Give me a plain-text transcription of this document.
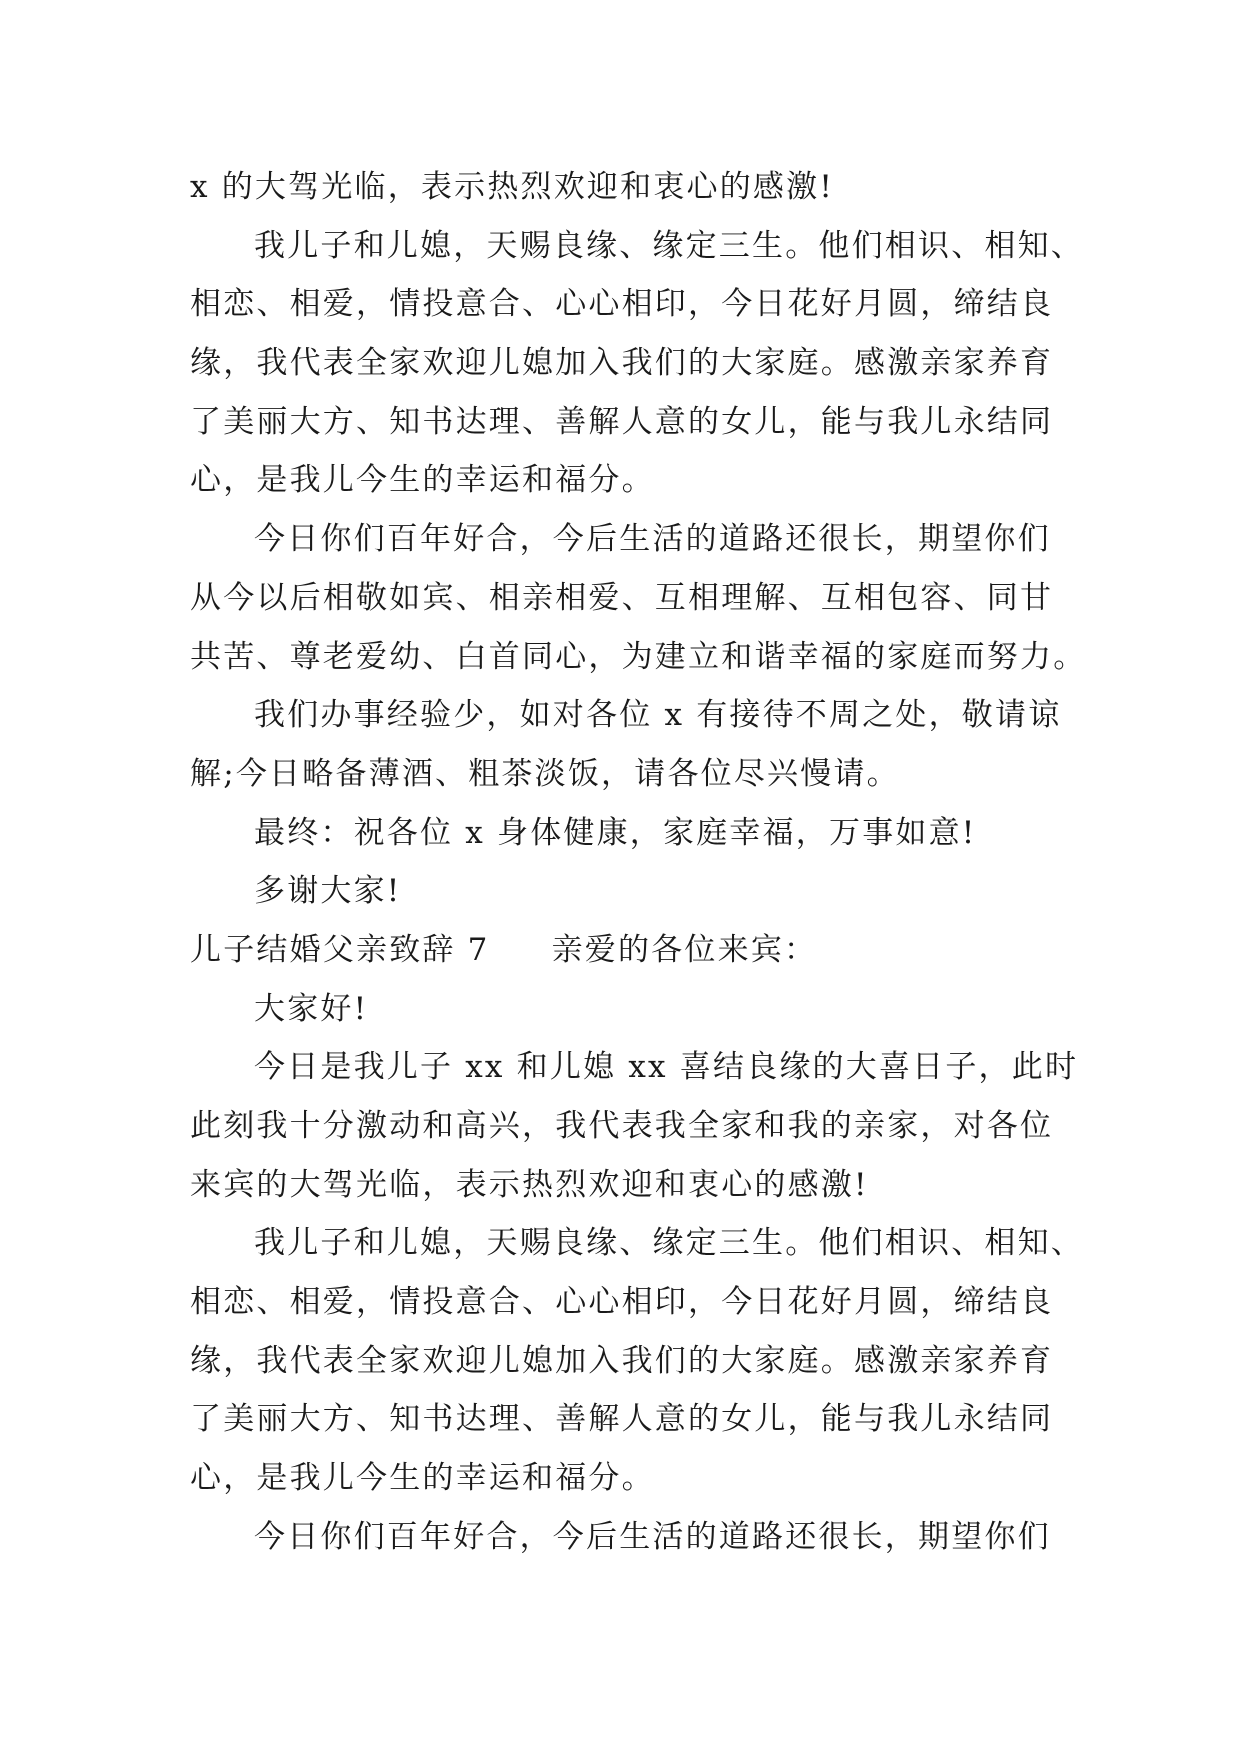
x 的大驾光临，表示热烈欢迎和衷心的感激!
我儿子和儿媳，天赐良缘、缘定三生。他们相识、相知、
相恋、相爱，情投意合、心心相印，今日花好月圆，缔结良
缘，我代表全家欢迎儿媳加入我们的大家庭。感激亲家养育
了美丽大方、知书达理、善解人意的女儿，能与我儿永结同
心，是我儿今生的幸运和福分。
今日你们百年好合，今后生活的道路还很长，期望你们
从今以后相敬如宾、相亲相爱、互相理解、互相包容、同甘
共苦、尊老爱幼、白首同心，为建立和谐幸福的家庭而努力。
我们办事经验少，如对各位 x 有接待不周之处，敬请谅
解;今日略备薄酒、粗茶淡饭，请各位尽兴慢请。
最终：祝各位 x 身体健康，家庭幸福，万事如意!
多谢大家!
儿子结婚父亲致辞 7 亲爱的各位来宾：
大家好!
今日是我儿子 xx 和儿媳 xx 喜结良缘的大喜日子，此时
此刻我十分激动和高兴，我代表我全家和我的亲家，对各位
来宾的大驾光临，表示热烈欢迎和衷心的感激!
我儿子和儿媳，天赐良缘、缘定三生。他们相识、相知、
相恋、相爱，情投意合、心心相印，今日花好月圆，缔结良
缘，我代表全家欢迎儿媳加入我们的大家庭。感激亲家养育
了美丽大方、知书达理、善解人意的女儿，能与我儿永结同
心，是我儿今生的幸运和福分。
今日你们百年好合，今后生活的道路还很长，期望你们
